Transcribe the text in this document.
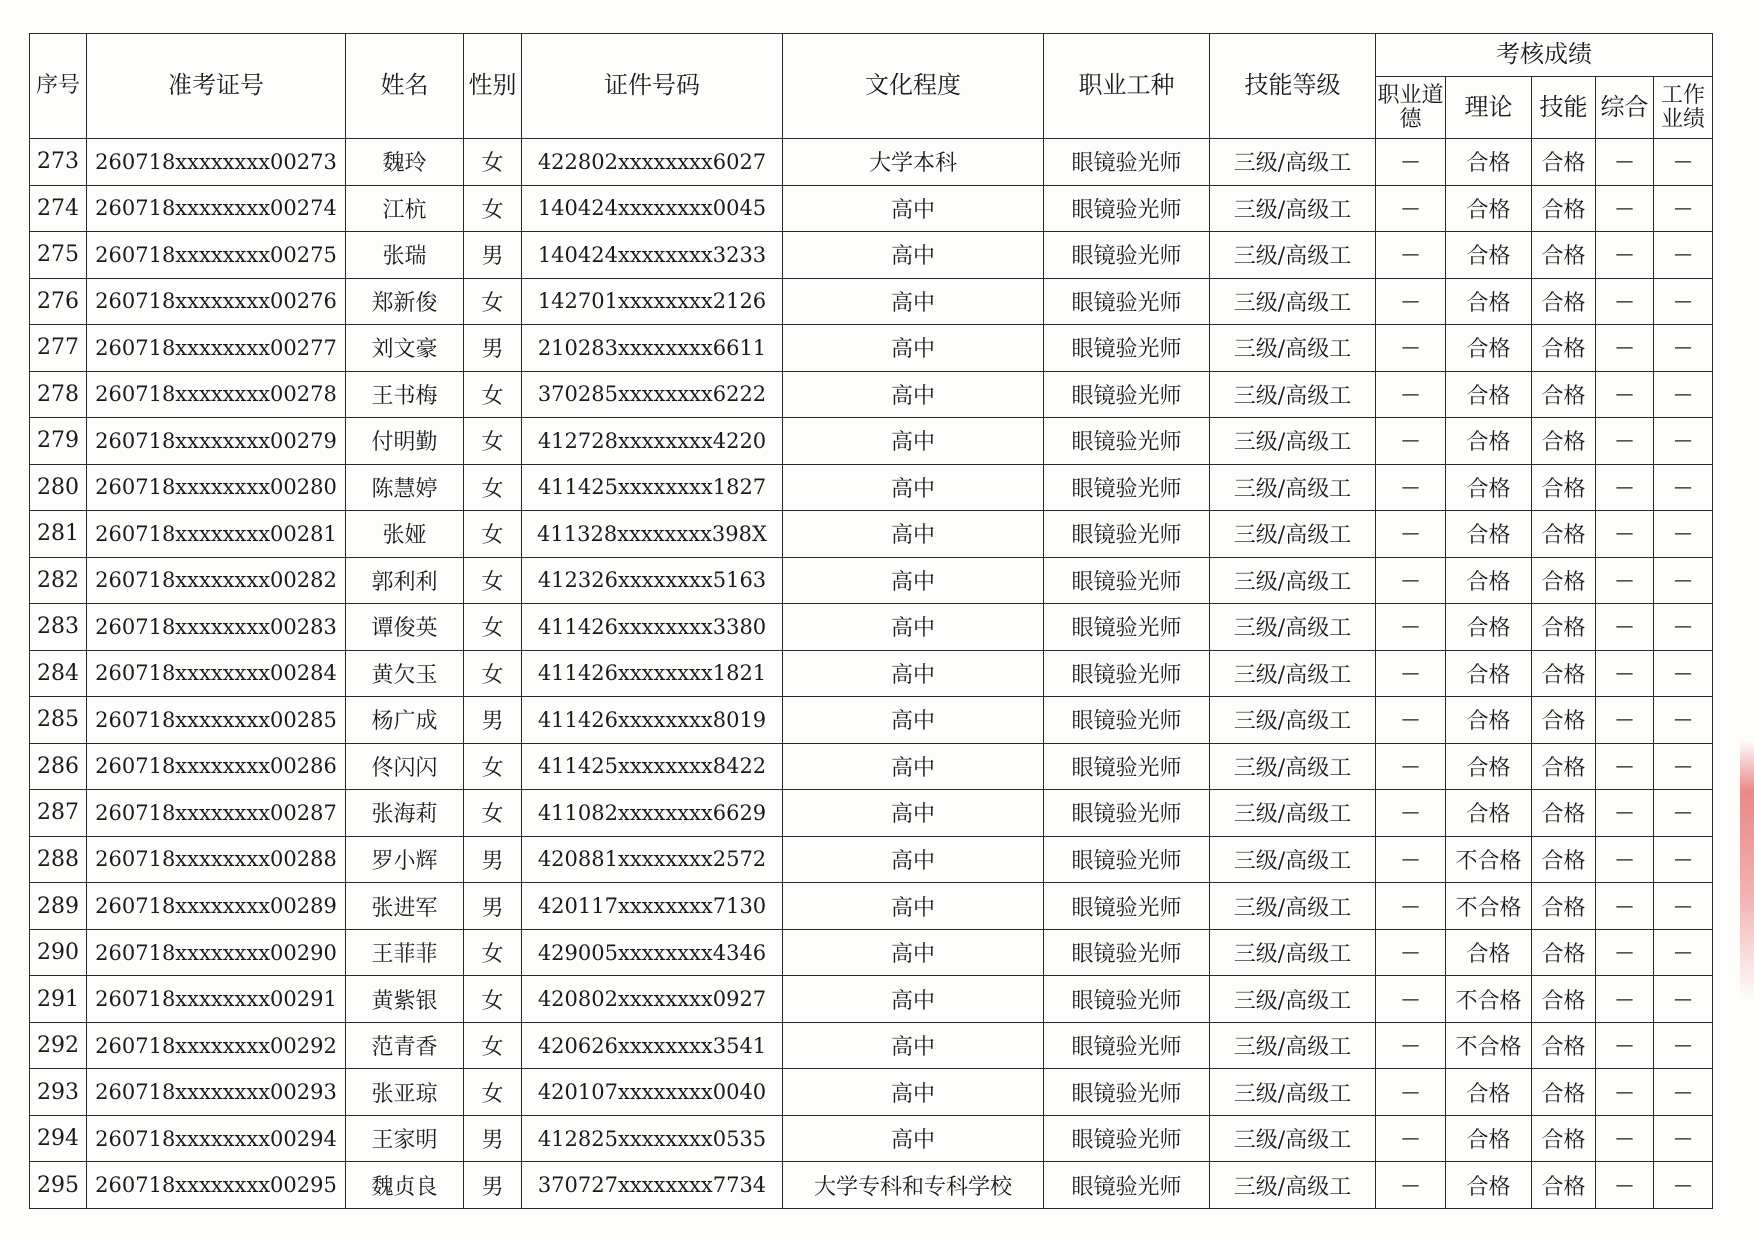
序号	准考证号	姓名	性别	证件号码	文化程度	职业工种	技能等级	考核成绩				
								职业道德	理论	技能	综合	工作业绩
273	260718xxxxxxxx00273	魏玲	女	422802xxxxxxxx6027	大学本科	眼镜验光师	三级/高级工	—	合格	合格	—	—
274	260718xxxxxxxx00274	江杭	女	140424xxxxxxxx0045	高中	眼镜验光师	三级/高级工	—	合格	合格	—	—
275	260718xxxxxxxx00275	张瑞	男	140424xxxxxxxx3233	高中	眼镜验光师	三级/高级工	—	合格	合格	—	—
276	260718xxxxxxxx00276	郑新俊	女	142701xxxxxxxx2126	高中	眼镜验光师	三级/高级工	—	合格	合格	—	—
277	260718xxxxxxxx00277	刘文豪	男	210283xxxxxxxx6611	高中	眼镜验光师	三级/高级工	—	合格	合格	—	—
278	260718xxxxxxxx00278	王书梅	女	370285xxxxxxxx6222	高中	眼镜验光师	三级/高级工	—	合格	合格	—	—
279	260718xxxxxxxx00279	付明勤	女	412728xxxxxxxx4220	高中	眼镜验光师	三级/高级工	—	合格	合格	—	—
280	260718xxxxxxxx00280	陈慧婷	女	411425xxxxxxxx1827	高中	眼镜验光师	三级/高级工	—	合格	合格	—	—
281	260718xxxxxxxx00281	张娅	女	411328xxxxxxxx398X	高中	眼镜验光师	三级/高级工	—	合格	合格	—	—
282	260718xxxxxxxx00282	郭利利	女	412326xxxxxxxx5163	高中	眼镜验光师	三级/高级工	—	合格	合格	—	—
283	260718xxxxxxxx00283	谭俊英	女	411426xxxxxxxx3380	高中	眼镜验光师	三级/高级工	—	合格	合格	—	—
284	260718xxxxxxxx00284	黄欠玉	女	411426xxxxxxxx1821	高中	眼镜验光师	三级/高级工	—	合格	合格	—	—
285	260718xxxxxxxx00285	杨广成	男	411426xxxxxxxx8019	高中	眼镜验光师	三级/高级工	—	合格	合格	—	—
286	260718xxxxxxxx00286	佟闪闪	女	411425xxxxxxxx8422	高中	眼镜验光师	三级/高级工	—	合格	合格	—	—
287	260718xxxxxxxx00287	张海莉	女	411082xxxxxxxx6629	高中	眼镜验光师	三级/高级工	—	合格	合格	—	—
288	260718xxxxxxxx00288	罗小辉	男	420881xxxxxxxx2572	高中	眼镜验光师	三级/高级工	—	不合格	合格	—	—
289	260718xxxxxxxx00289	张进军	男	420117xxxxxxxx7130	高中	眼镜验光师	三级/高级工	—	不合格	合格	—	—
290	260718xxxxxxxx00290	王菲菲	女	429005xxxxxxxx4346	高中	眼镜验光师	三级/高级工	—	合格	合格	—	—
291	260718xxxxxxxx00291	黄紫银	女	420802xxxxxxxx0927	高中	眼镜验光师	三级/高级工	—	不合格	合格	—	—
292	260718xxxxxxxx00292	范青香	女	420626xxxxxxxx3541	高中	眼镜验光师	三级/高级工	—	不合格	合格	—	—
293	260718xxxxxxxx00293	张亚琼	女	420107xxxxxxxx0040	高中	眼镜验光师	三级/高级工	—	合格	合格	—	—
294	260718xxxxxxxx00294	王家明	男	412825xxxxxxxx0535	高中	眼镜验光师	三级/高级工	—	合格	合格	—	—
295	260718xxxxxxxx00295	魏贞良	男	370727xxxxxxxx7734	大学专科和专科学校	眼镜验光师	三级/高级工	—	合格	合格	—	—
